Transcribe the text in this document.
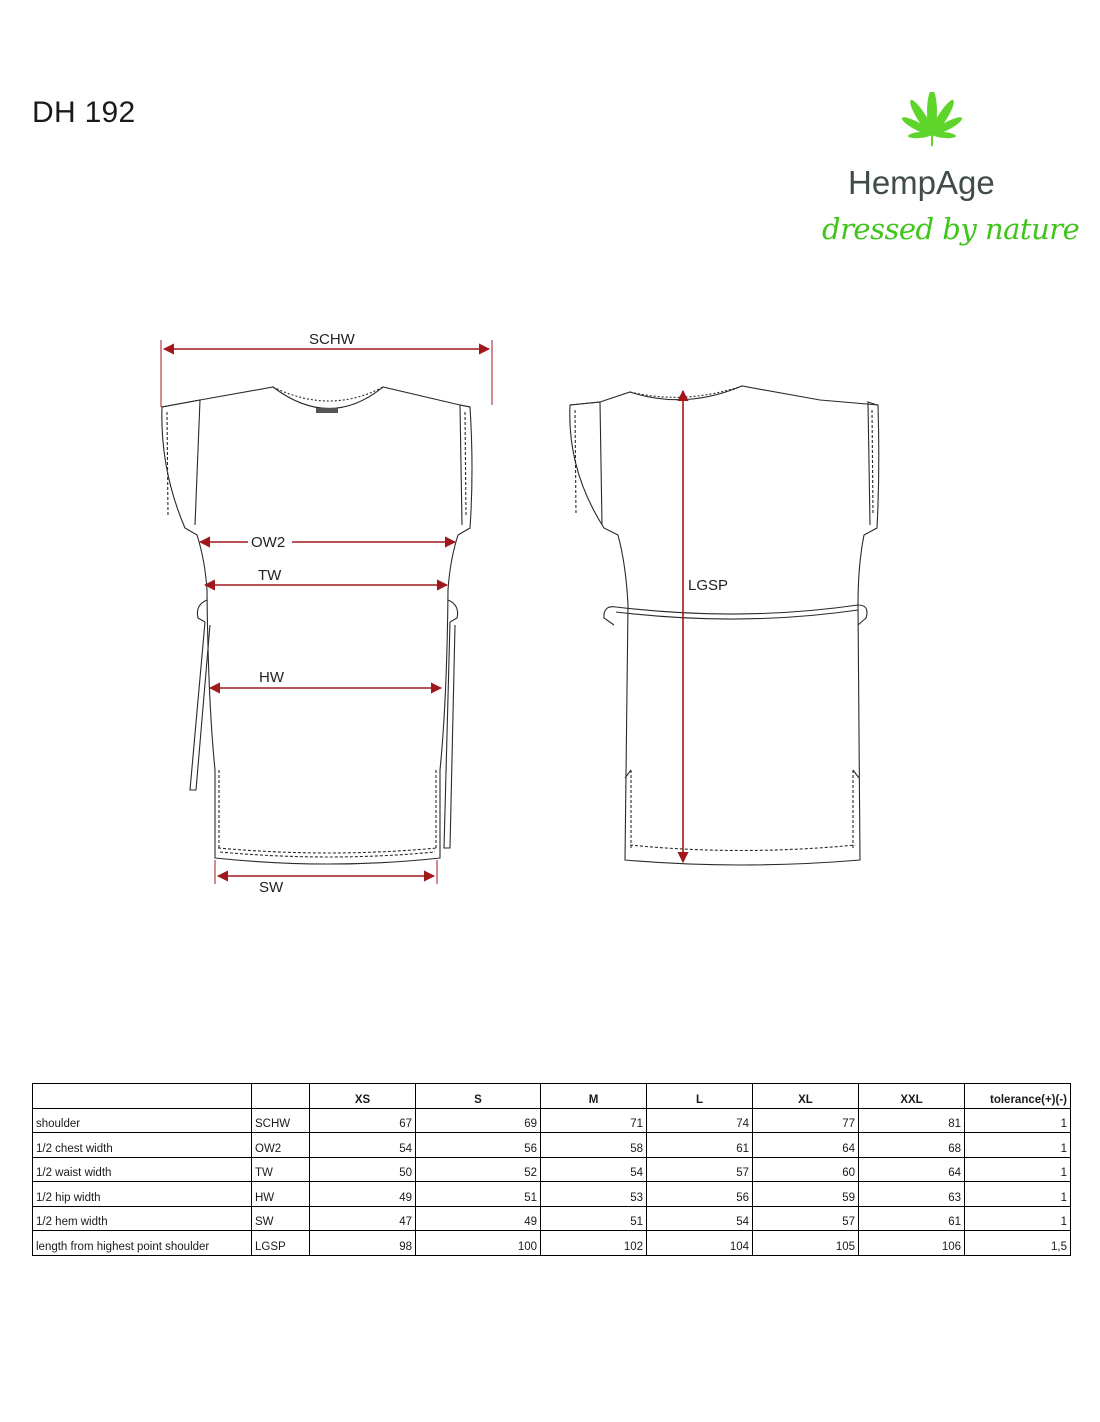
DH 192
HempAge
dressed by nature
SCHW
OW2
TW
HW
SW
LGSP
		XS	S	M	L	XL	XXL	tolerance(+)(-)
shoulder	SCHW	67	69	71	74	77	81	1
1/2 chest width	OW2	54	56	58	61	64	68	1
1/2 waist width	TW	50	52	54	57	60	64	1
1/2 hip width	HW	49	51	53	56	59	63	1
1/2 hem width	SW	47	49	51	54	57	61	1
length from highest point shoulder	LGSP	98	100	102	104	105	106	1,5
